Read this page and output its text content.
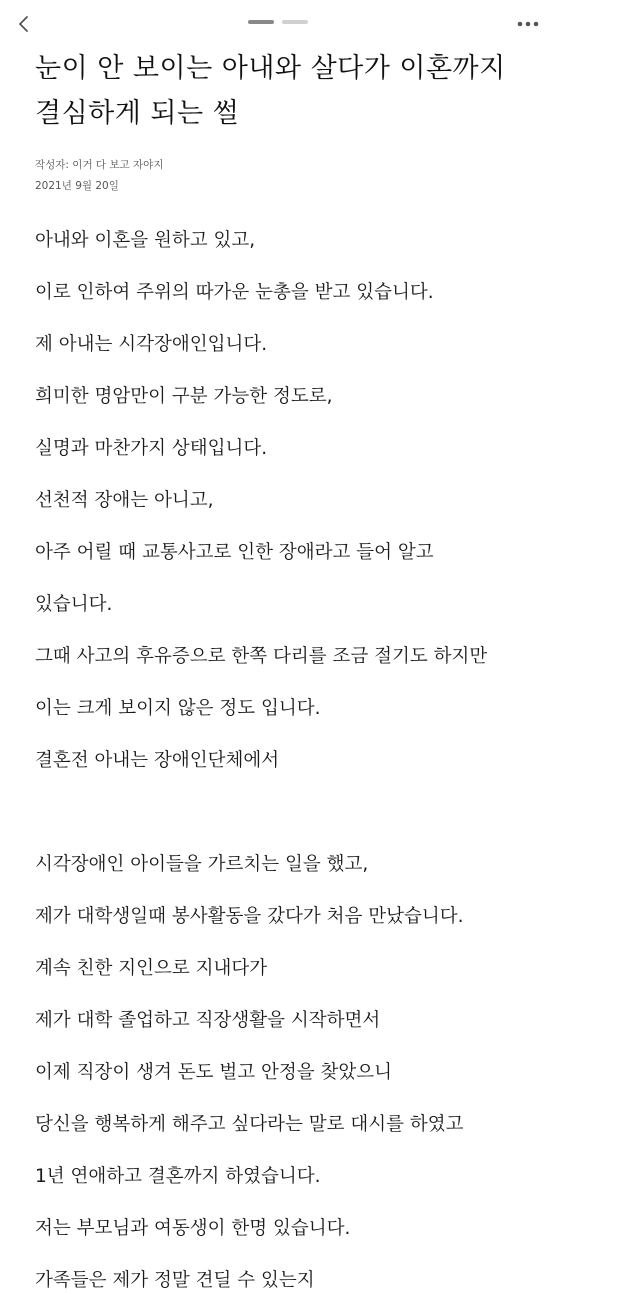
눈이 안 보이는 아내와 살다가 이혼까지
결심하게 되는 썰
작성자: 이거 다 보고 자야지
2021년 9월 20일

아내와 이혼을 원하고 있고,

이로 인하여 주위의 따가운 눈총을 받고 있습니다.

제 아내는 시각장애인입니다.

희미한 명암만이 구분 가능한 정도로,

실명과 마찬가지 상태입니다.

선천적 장애는 아니고,

아주 어릴 때 교통사고로 인한 장애라고 들어 알고

있습니다.

그때 사고의 후유증으로 한쪽 다리를 조금 절기도 하지만

이는 크게 보이지 않은 정도 입니다.

결혼전 아내는 장애인단체에서

시각장애인 아이들을 가르치는 일을 했고,

제가 대학생일때 봉사활동을 갔다가 처음 만났습니다.

계속 친한 지인으로 지내다가

제가 대학 졸업하고 직장생활을 시작하면서

이제 직장이 생겨 돈도 벌고 안정을 찾았으니

당신을 행복하게 해주고 싶다라는 말로 대시를 하였고

1년 연애하고 결혼까지 하였습니다.

저는 부모님과 여동생이 한명 있습니다.

가족들은 제가 정말 견딜 수 있는지
